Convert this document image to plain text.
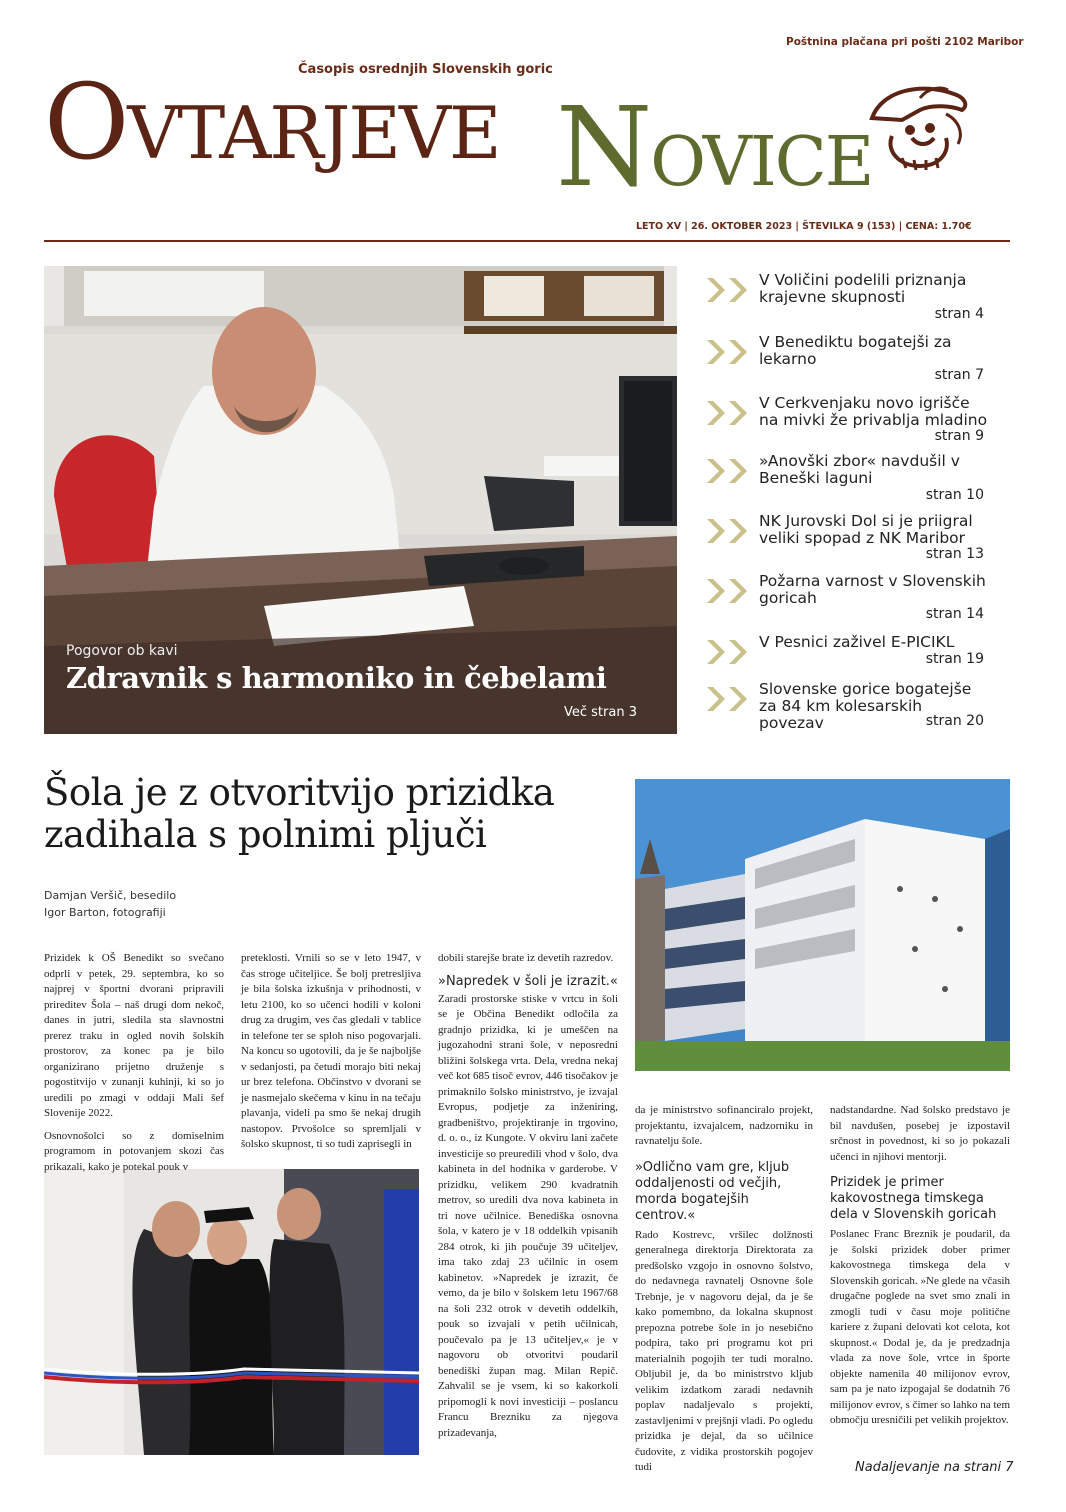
Poštnina plačana pri pošti 2102 Maribor
Časopis osrednjih Slovenskih goric
OVTARJEVE NOVICE
LETO XV | 26. OKTOBER 2023 | ŠTEVILKA 9 (153) | CENA: 1.70€
Pogovor ob kavi
Zdravnik s harmoniko in čebelami
Več stran 3
V Voličini podelili priznanja krajevne skupnosti
stran 4
V Benediktu bogatejši za lekarno
stran 7
V Cerkvenjaku novo igrišče na mivki že privablja mladino
stran 9
»Anovški zbor« navdušil v Beneški laguni
stran 10
NK Jurovski Dol si je priigral veliki spopad z NK Maribor
stran 13
Požarna varnost v Slovenskih goricah
stran 14
V Pesnici zaživel E-PICIKL
stran 19
Slovenske gorice bogatejše za 84 km kolesarskih povezav	stran 20
Šola je z otvoritvijo prizidka
zadihala s polnimi pljuči
Damjan Veršič, besedilo
Igor Barton, fotografiji

Prizidek k OŠ Benedikt so svečano odprli v petek, 29. septembra, ko so najprej v športni dvorani pripravili prireditev Šola – naš drugi dom nekoč, danes in jutri, sledila sta slavnostni prerez traku in ogled novih šolskih prostorov, za konec pa je bilo organizirano prijetno druženje s pogostitvijo v zunanji kuhinji, ki so jo uredili po zmagi v oddaji Mali šef Slovenije 2022.

Osnovnošolci so z domiselnim programom in potovanjem skozi čas prikazali, kako je potekal pouk v

preteklosti. Vrnili so se v leto 1947, v čas stroge učiteljice. Še bolj pretresljiva je bila šolska izkušnja v prihodnosti, v letu 2100, ko so učenci hodili v koloni drug za drugim, ves čas gledali v tablice in telefone ter se sploh niso pogovarjali. Na koncu so ugotovili, da je še najboljše v sedanjosti, pa četudi morajo biti nekaj ur brez telefona. Občinstvo v dvorani se je nasmejalo skečema v kinu in na tečaju plavanja, videli pa smo še nekaj drugih nastopov. Prvošolce so spremljali v šolsko skupnost, ti so tudi zaprisegli in

dobili starejše brate iz devetih razredov.

»Napredek v šoli je izrazit.«

Zaradi prostorske stiske v vrtcu in šoli se je Občina Benedikt odločila za gradnjo prizidka, ki je umeščen na jugozahodni strani šole, v neposredni bližini šolskega vrta. Dela, vredna nekaj več kot 685 tisoč evrov, 446 tisočakov je primaknilo šolsko ministrstvo, je izvajal Evropus, podjetje za inženiring, gradbeništvo, projektiranje in trgovino, d. o. o., iz Kungote. V okviru lani začete investicije so preuredili vhod v šolo, dva kabineta in del hodnika v garderobe. V prizidku, velikem 290 kvadratnih metrov, so uredili dva nova kabineta in tri nove učilnice. Benediška osnovna šola, v katero je v 18 oddelkih vpisanih 284 otrok, ki jih poučuje 39 učiteljev, ima tako zdaj 23 učilnic in osem kabinetov. »Napredek je izrazit, če vemo, da je bilo v šolskem letu 1967/68 na šoli 232 otrok v devetih oddelkih, pouk so izvajali v petih učilnicah, poučevalo pa je 13 učiteljev,« je v nagovoru ob otvoritvi poudaril benediški župan mag. Milan Repič. Zahvalil se je vsem, ki so kakorkoli pripomogli k novi investiciji – poslancu Francu Brezniku za njegova prizadevanja,

da je ministrstvo sofinanciralo projekt, projektantu, izvajalcem, nadzorniku in ravnatelju šole.

»Odlično vam gre, kljub oddaljenosti od večjih, morda bogatejših centrov.«

Rado Kostrevc, vršilec dolžnosti generalnega direktorja Direktorata za predšolsko vzgojo in osnovno šolstvo, do nedavnega ravnatelj Osnovne šole Trebnje, je v nagovoru dejal, da je še kako pomembno, da lokalna skupnost prepozna potrebe šole in jo nesebično podpira, tako pri programu kot pri materialnih pogojih ter tudi moralno. Obljubil je, da bo ministrstvo kljub velikim izdatkom zaradi nedavnih poplav nadaljevalo s projekti, zastavljenimi v prejšnji vladi. Po ogledu prizidka je dejal, da so učilnice čudovite, z vidika prostorskih pogojev tudi

nadstandardne. Nad šolsko predstavo je bil navdušen, posebej je izpostavil srčnost in povednost, ki so jo pokazali učenci in njihovi mentorji.

Prizidek je primer kakovostnega timskega dela v Slovenskih goricah

Poslanec Franc Breznik je poudaril, da je šolski prizidek dober primer kakovostnega timskega dela v Slovenskih goricah. »Ne glede na včasih drugačne poglede na svet smo znali in zmogli tudi v času moje politične kariere z župani delovati kot celota, kot skupnost.« Dodal je, da je predzadnja vlada za nove šole, vrtce in športe objekte namenila 40 milijonov evrov, sam pa je nato izpogajal še dodatnih 76 milijonov evrov, s čimer so lahko na tem območju uresničili pet velikih projektov.

Nadaljevanje na strani 7
